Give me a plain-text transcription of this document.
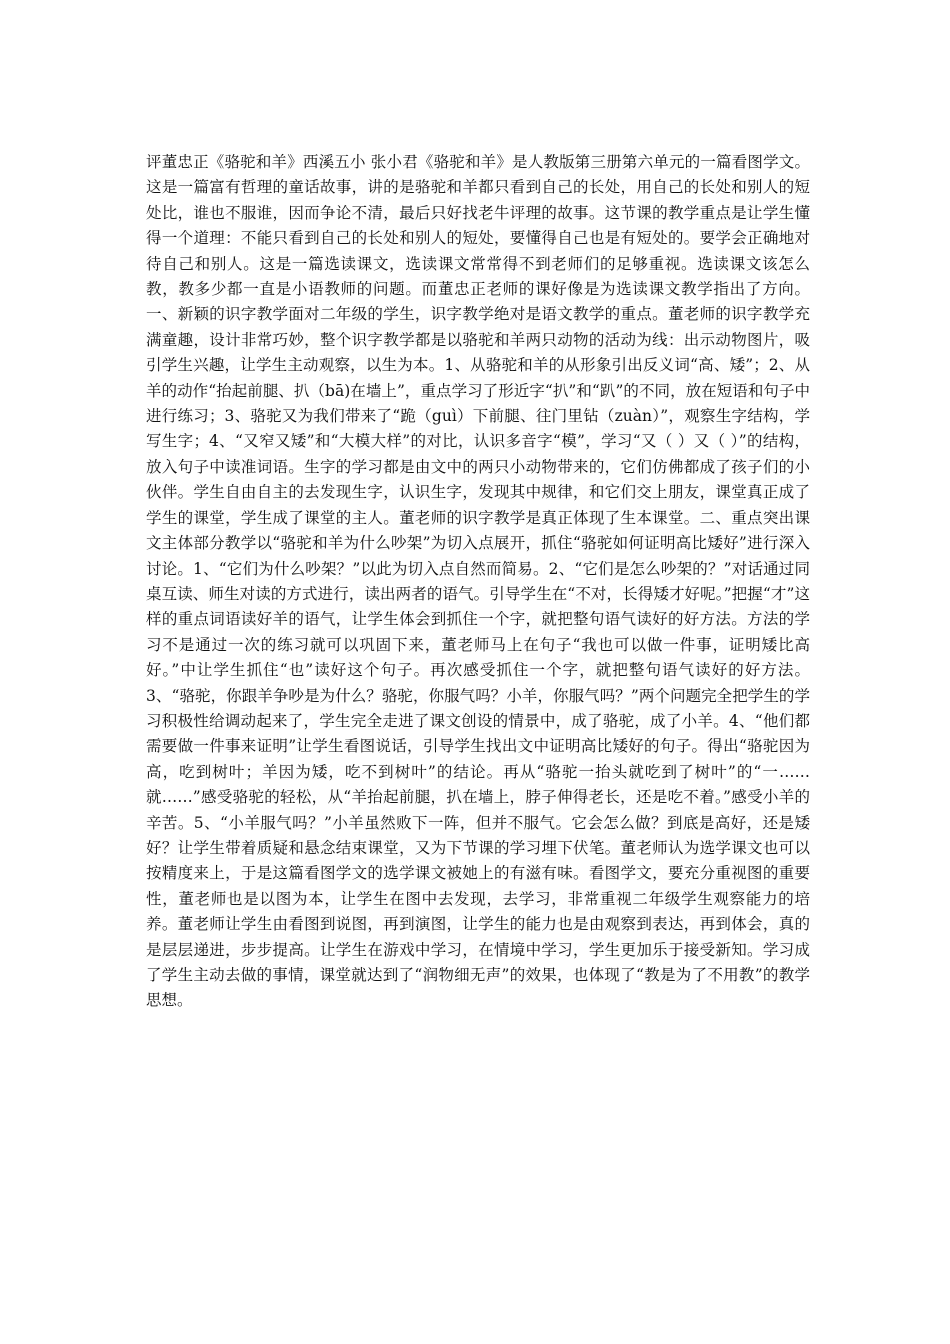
评董忠正《骆驼和羊》西溪五小 张小君《骆驼和羊》是人教版第三册第六单元的一篇看图学文。这是一篇富有哲理的童话故事，讲的是骆驼和羊都只看到自己的长处，用自己的长处和别人的短处比，谁也不服谁，因而争论不清，最后只好找老牛评理的故事。这节课的教学重点是让学生懂得一个道理：不能只看到自己的长处和别人的短处，要懂得自己也是有短处的。要学会正确地对待自己和别人。这是一篇选读课文，选读课文常常得不到老师们的足够重视。选读课文该怎么教，教多少都一直是小语教师的问题。而董忠正老师的课好像是为选读课文教学指出了方向。一、新颖的识字教学面对二年级的学生，识字教学绝对是语文教学的重点。董老师的识字教学充满童趣，设计非常巧妙，整个识字教学都是以骆驼和羊两只动物的活动为线：出示动物图片，吸引学生兴趣，让学生主动观察，以生为本。1、从骆驼和羊的从形象引出反义词“高、矮”；2、从羊的动作“抬起前腿、扒（bā)在墙上”，重点学习了形近字“扒”和“趴”的不同，放在短语和句子中进行练习；3、骆驼又为我们带来了“跪（guì）下前腿、往门里钻（zuàn）”，观察生字结构，学写生字；4、“又窄又矮”和“大模大样”的对比，认识多音字“模”，学习“又（ ）又（ ）”的结构，放入句子中读准词语。生字的学习都是由文中的两只小动物带来的，它们仿佛都成了孩子们的小伙伴。学生自由自主的去发现生字，认识生字，发现其中规律，和它们交上朋友，课堂真正成了学生的课堂，学生成了课堂的主人。董老师的识字教学是真正体现了生本课堂。二、重点突出课文主体部分教学以“骆驼和羊为什么吵架”为切入点展开，抓住“骆驼如何证明高比矮好”进行深入讨论。1、“它们为什么吵架？”以此为切入点自然而简易。2、“它们是怎么吵架的？”对话通过同桌互读、师生对读的方式进行，读出两者的语气。引导学生在“不对，长得矮才好呢。”把握“才”这样的重点词语读好羊的语气，让学生体会到抓住一个字，就把整句语气读好的好方法。方法的学习不是通过一次的练习就可以巩固下来，董老师马上在句子“我也可以做一件事，证明矮比高好。”中让学生抓住“也”读好这个句子。再次感受抓住一个字，就把整句语气读好的好方法。3、“骆驼，你跟羊争吵是为什么？骆驼，你服气吗？小羊，你服气吗？”两个问题完全把学生的学习积极性给调动起来了，学生完全走进了课文创设的情景中，成了骆驼，成了小羊。4、“他们都需要做一件事来证明”让学生看图说话，引导学生找出文中证明高比矮好的句子。得出“骆驼因为高，吃到树叶；羊因为矮，吃不到树叶”的结论。再从“骆驼一抬头就吃到了树叶”的“一……就……”感受骆驼的轻松，从“羊抬起前腿，扒在墙上，脖子伸得老长，还是吃不着。”感受小羊的辛苦。5、“小羊服气吗？”小羊虽然败下一阵，但并不服气。它会怎么做？到底是高好，还是矮好？让学生带着质疑和悬念结束课堂，又为下节课的学习埋下伏笔。董老师认为选学课文也可以按精度来上，于是这篇看图学文的选学课文被她上的有滋有味。看图学文，要充分重视图的重要性，董老师也是以图为本，让学生在图中去发现，去学习，非常重视二年级学生观察能力的培养。董老师让学生由看图到说图，再到演图，让学生的能力也是由观察到表达，再到体会，真的是层层递进，步步提高。让学生在游戏中学习，在情境中学习，学生更加乐于接受新知。学习成了学生主动去做的事情，课堂就达到了“润物细无声”的效果，也体现了“教是为了不用教”的教学思想。
